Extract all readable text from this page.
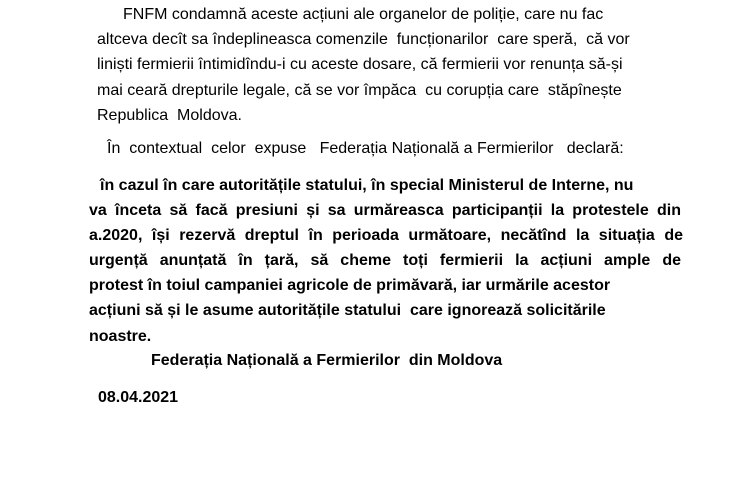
FNFM condamnă aceste acțiuni ale organelor de poliție, care nu fac
altceva decît sa îndeplineasca comenzile  funcționarilor  care speră,  că vor
liniști fermierii întimidîndu-i cu aceste dosare, că fermierii vor renunța să-și
mai ceară drepturile legale, că se vor împăca  cu corupția care  stăpînește
Republica  Moldova.
În  contextual  celor  expuse   Federația Națională a Fermierilor   declară:
în cazul în care autoritățile statului, în special Ministerul de Interne, nu
va înceta să facă presiuni și sa urmăreasca participanții la protestele din
a.2020, își rezervă dreptul în perioada următoare, necătînd la situația de
urgență anunțată în țară, să cheme toți fermierii la acțiuni ample de
protest în toiul campaniei agricole de primăvară, iar urmările acestor
acțiuni să și le asume autoritățile statului  care ignorează solicitările
noastre.
Federația Națională a Fermierilor  din Moldova
08.04.2021
